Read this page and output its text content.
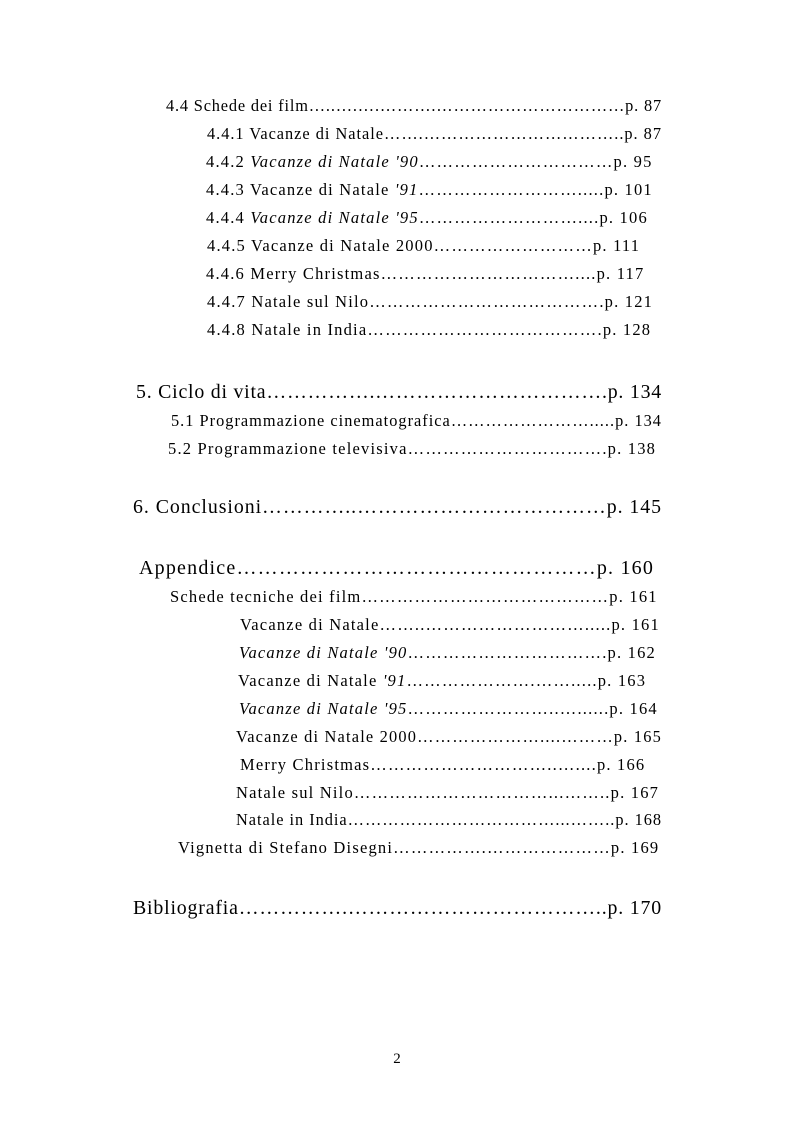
4.4 Schede dei film…..….….……….……………………………p. 87
4.4.1 Vacanze di Natale…….……………………………..p. 87
4.4.2 Vacanze di Natale '90……………………………p. 95
4.4.3 Vacanze di Natale '91……………………….....p. 101
4.4.4 Vacanze di Natale '95………………………....p. 106
4.4.5 Vacanze di Natale 2000………………………p. 111
4.4.6 Merry Christmas……………………………....p. 117
4.4.7 Natale sul Nilo………………………………….p. 121
4.4.8 Natale in India………………………………….p. 128
5. Ciclo di vita…………….…………………………….p. 134
5.1 Programmazione cinematografica…………………….....p. 134
5.2 Programmazione televisiva…………………………….p. 138
6. Conclusioni…………..………………………………p. 145
Appendice……………………………………………p. 160
Schede tecniche dei film……………………………………p. 161
Vacanze di Natale……..……………………….....p. 161
Vacanze di Natale '90…………………………….p. 162
Vacanze di Natale '91………………….…….....p. 163
Vacanze di Natale '95……………………..…......p. 164
Vacanze di Natale 2000…………………....………p. 165
Merry Christmas…………………………..…....p. 166
Natale sul Nilo……………………………...……..p. 167
Natale in India………………………………...……..p. 168
Vignetta di Stefano Disegni…………….…………………p. 169
Bibliografia…………….………………………………..p. 170
2
